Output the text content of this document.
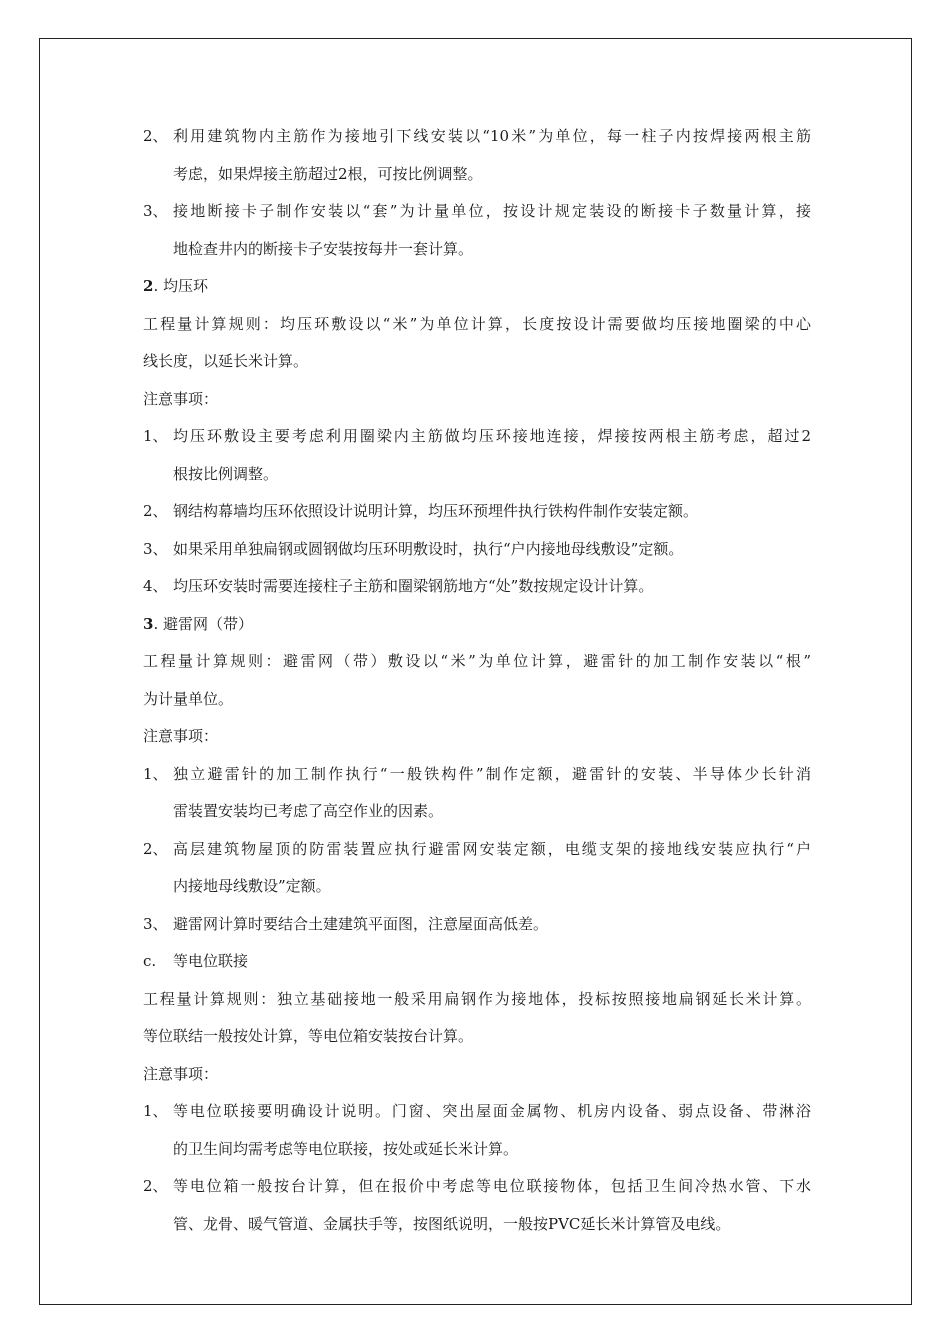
2、 利用建筑物内主筋作为接地引下线安装以“10米”为单位，每一柱子内按焊接两根主筋
考虑，如果焊接主筋超过2根，可按比例调整。
3、 接地断接卡子制作安装以“套”为计量单位，按设计规定装设的断接卡子数量计算，接
地检查井内的断接卡子安装按每井一套计算。
2. 均压环
工程量计算规则：均压环敷设以“米”为单位计算，长度按设计需要做均压接地圈梁的中心
线长度，以延长米计算。
注意事项：
1、 均压环敷设主要考虑利用圈梁内主筋做均压环接地连接，焊接按两根主筋考虑，超过2
根按比例调整。
2、 钢结构幕墙均压环依照设计说明计算，均压环预埋件执行铁构件制作安装定额。
3、 如果采用单独扁钢或圆钢做均压环明敷设时，执行“户内接地母线敷设”定额。
4、 均压环安装时需要连接柱子主筋和圈梁钢筋地方“处”数按规定设计计算。
3. 避雷网（带）
工程量计算规则：避雷网（带）敷设以“米”为单位计算，避雷针的加工制作安装以“根”
为计量单位。
注意事项：
1、 独立避雷针的加工制作执行“一般铁构件”制作定额，避雷针的安装、半导体少长针消
雷装置安装均已考虑了高空作业的因素。
2、 高层建筑物屋顶的防雷装置应执行避雷网安装定额，电缆支架的接地线安装应执行“户
内接地母线敷设”定额。
3、 避雷网计算时要结合土建建筑平面图，注意屋面高低差。
c.	等电位联接
工程量计算规则：独立基础接地一般采用扁钢作为接地体，投标按照接地扁钢延长米计算。
等位联结一般按处计算，等电位箱安装按台计算。
注意事项：
1、 等电位联接要明确设计说明。门窗、突出屋面金属物、机房内设备、弱点设备、带淋浴
的卫生间均需考虑等电位联接，按处或延长米计算。
2、 等电位箱一般按台计算，但在报价中考虑等电位联接物体，包括卫生间冷热水管、下水
管、龙骨、暖气管道、金属扶手等，按图纸说明，一般按PVC延长米计算管及电线。
